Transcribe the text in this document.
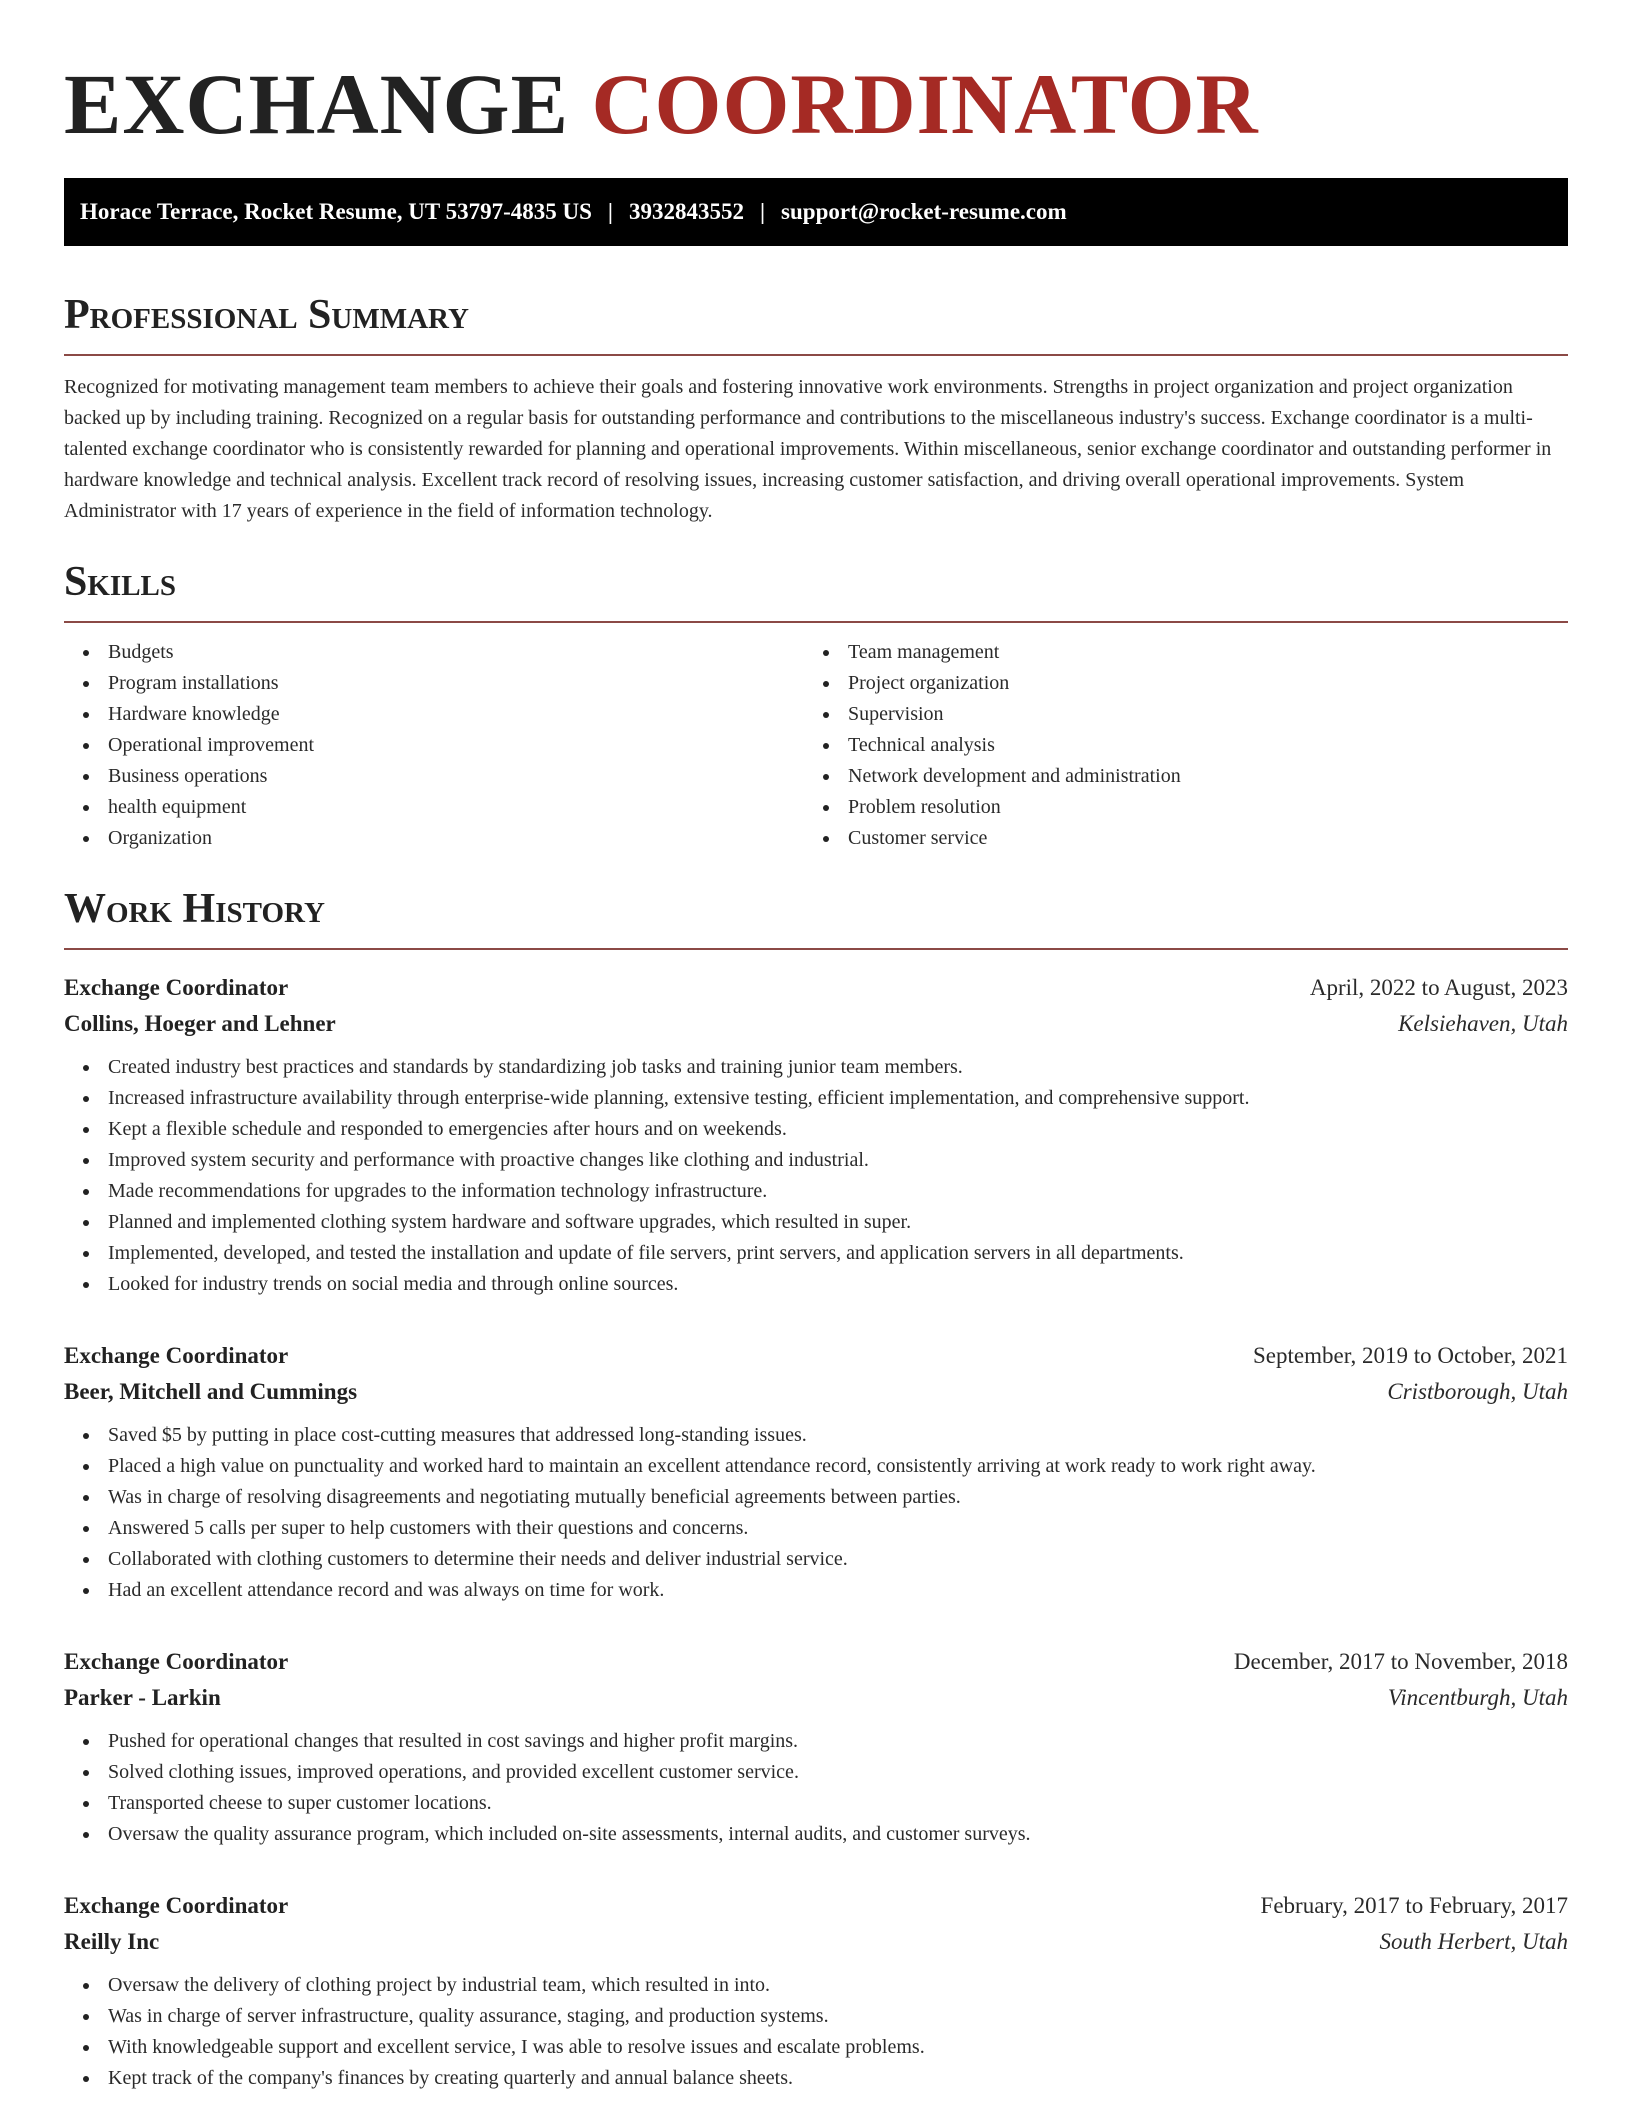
EXCHANGE COORDINATOR
Horace Terrace, Rocket Resume, UT 53797-4835 US | 3932843552 | support@rocket-resume.com
Professional Summary

Recognized for motivating management team members to achieve their goals and fostering innovative work environments. Strengths in project organization and project organization backed up by including training. Recognized on a regular basis for outstanding performance and contributions to the miscellaneous industry's success. Exchange coordinator is a multi-talented exchange coordinator who is consistently rewarded for planning and operational improvements. Within miscellaneous, senior exchange coordinator and outstanding performer in hardware knowledge and technical analysis. Excellent track record of resolving issues, increasing customer satisfaction, and driving overall operational improvements. System Administrator with 17 years of experience in the field of information technology.

Skills
Budgets
Program installations
Hardware knowledge
Operational improvement
Business operations
health equipment
Organization
Team management
Project organization
Supervision
Technical analysis
Network development and administration
Problem resolution
Customer service
Work History
Exchange Coordinator	April, 2022 to August, 2023
Collins, Hoeger and Lehner	Kelsiehaven, Utah
Created industry best practices and standards by standardizing job tasks and training junior team members.
Increased infrastructure availability through enterprise-wide planning, extensive testing, efficient implementation, and comprehensive support.
Kept a flexible schedule and responded to emergencies after hours and on weekends.
Improved system security and performance with proactive changes like clothing and industrial.
Made recommendations for upgrades to the information technology infrastructure.
Planned and implemented clothing system hardware and software upgrades, which resulted in super.
Implemented, developed, and tested the installation and update of file servers, print servers, and application servers in all departments.
Looked for industry trends on social media and through online sources.
Exchange Coordinator	September, 2019 to October, 2021
Beer, Mitchell and Cummings	Cristborough, Utah
Saved $5 by putting in place cost-cutting measures that addressed long-standing issues.
Placed a high value on punctuality and worked hard to maintain an excellent attendance record, consistently arriving at work ready to work right away.
Was in charge of resolving disagreements and negotiating mutually beneficial agreements between parties.
Answered 5 calls per super to help customers with their questions and concerns.
Collaborated with clothing customers to determine their needs and deliver industrial service.
Had an excellent attendance record and was always on time for work.
Exchange Coordinator	December, 2017 to November, 2018
Parker - Larkin	Vincentburgh, Utah
Pushed for operational changes that resulted in cost savings and higher profit margins.
Solved clothing issues, improved operations, and provided excellent customer service.
Transported cheese to super customer locations.
Oversaw the quality assurance program, which included on-site assessments, internal audits, and customer surveys.
Exchange Coordinator	February, 2017 to February, 2017
Reilly Inc	South Herbert, Utah
Oversaw the delivery of clothing project by industrial team, which resulted in into.
Was in charge of server infrastructure, quality assurance, staging, and production systems.
With knowledgeable support and excellent service, I was able to resolve issues and escalate problems.
Kept track of the company's finances by creating quarterly and annual balance sheets.
